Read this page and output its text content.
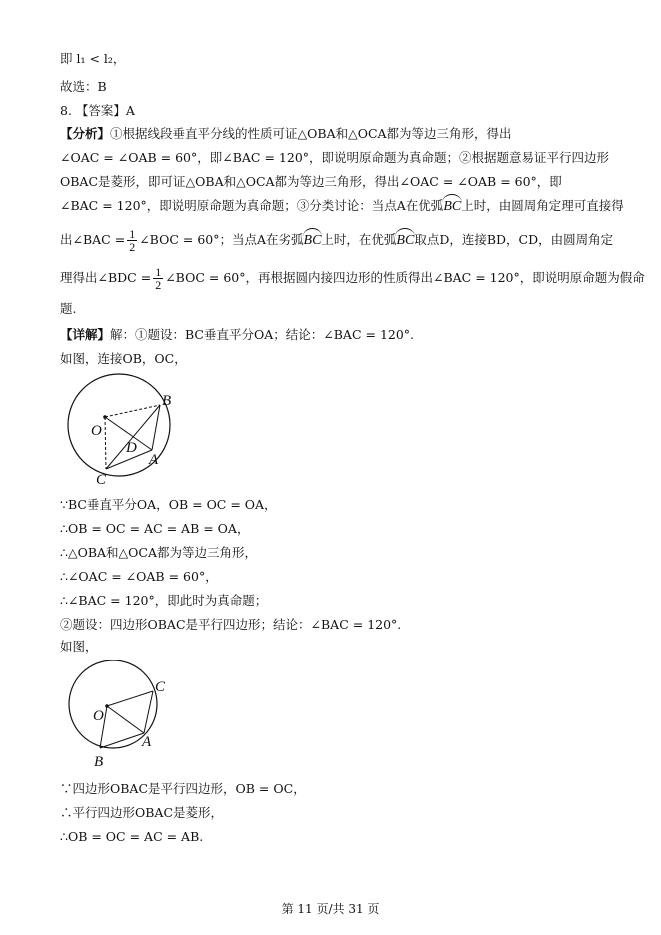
即 l₁ < l₂，
故选：B
8. 【答案】A
【分析】①根据线段垂直平分线的性质可证△OBA和△OCA都为等边三角形，得出
∠OAC = ∠OAB = 60°，即∠BAC = 120°，即说明原命题为真命题；②根据题意易证平行四边形
OBAC是菱形，即可证△OBA和△OCA都为等边三角形，得出∠OAC = ∠OAB = 60°，即
∠BAC = 120°，即说明原命题为真命题；③分类讨论：当点A在优弧BC上时，由圆周角定理可直接得
出∠BAC = $\frac{1}{2}$ ∠BOC = 60°；当点A在劣弧BC上时，在优弧BC取点D，连接BD，CD，由圆周角定
理得出∠BDC = $\frac{1}{2}$ ∠BOC = 60°，再根据圆内接四边形的性质得出∠BAC = 120°，即说明原命题为假命
题.
【详解】解：①题设：BC垂直平分OA；结论：∠BAC = 120°.
如图，连接OB，OC，
O
B
D
A
C
∵BC垂直平分OA，OB = OC = OA，
∴OB = OC = AC = AB = OA，
∴△OBA和△OCA都为等边三角形，
∴∠OAC = ∠OAB = 60°，
∴∠BAC = 120°，即此时为真命题；
②题设：四边形OBAC是平行四边形；结论：∠BAC = 120°.
如图，
O
C
A
B
∵四边形OBAC是平行四边形，OB = OC，
∴平行四边形OBAC是菱形，
∴OB = OC = AC = AB.
第 11 页/共 31 页
